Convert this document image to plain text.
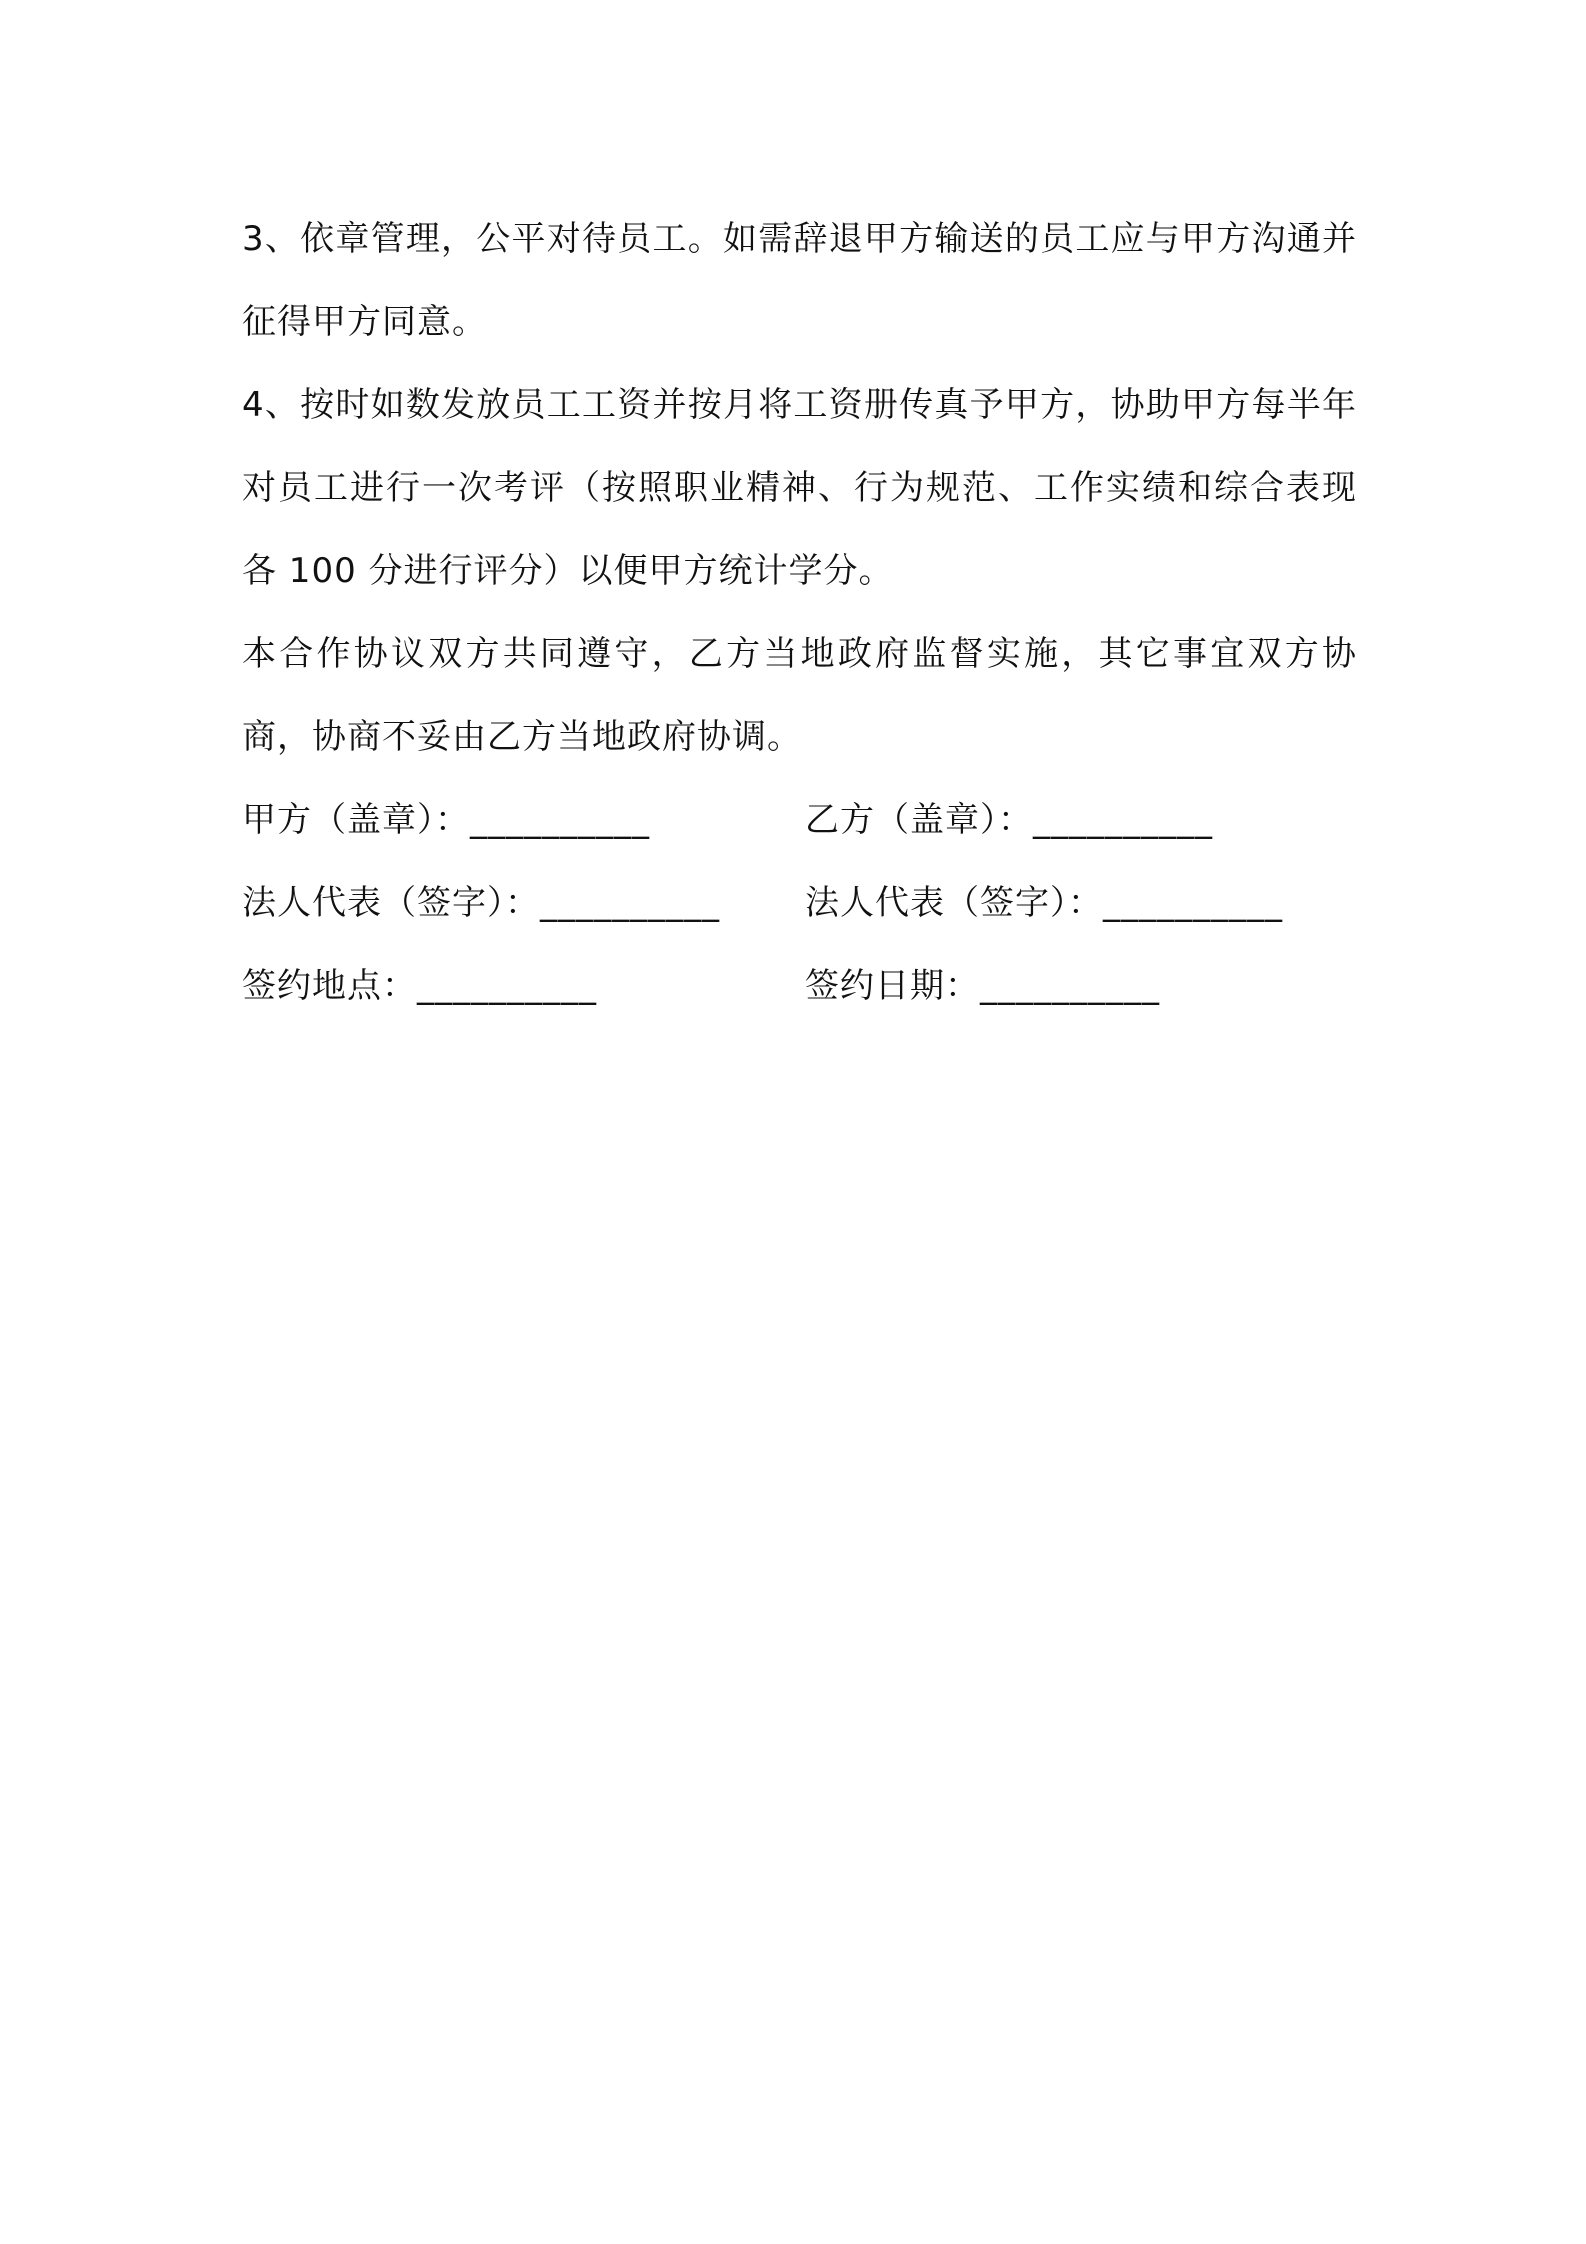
3、依章管理，公平对待员工。如需辞退甲方输送的员工应与甲方沟通并征得甲方同意。

4、按时如数发放员工工资并按月将工资册传真予甲方，协助甲方每半年对员工进行一次考评（按照职业精神、行为规范、工作实绩和综合表现各 100 分进行评分）以便甲方统计学分。

本合作协议双方共同遵守，乙方当地政府监督实施，其它事宜双方协商，协商不妥由乙方当地政府协调。

甲方（盖章）：__________	乙方（盖章）：__________
法人代表（签字）：__________	法人代表（签字）：__________
签约地点：__________	签约日期：__________
